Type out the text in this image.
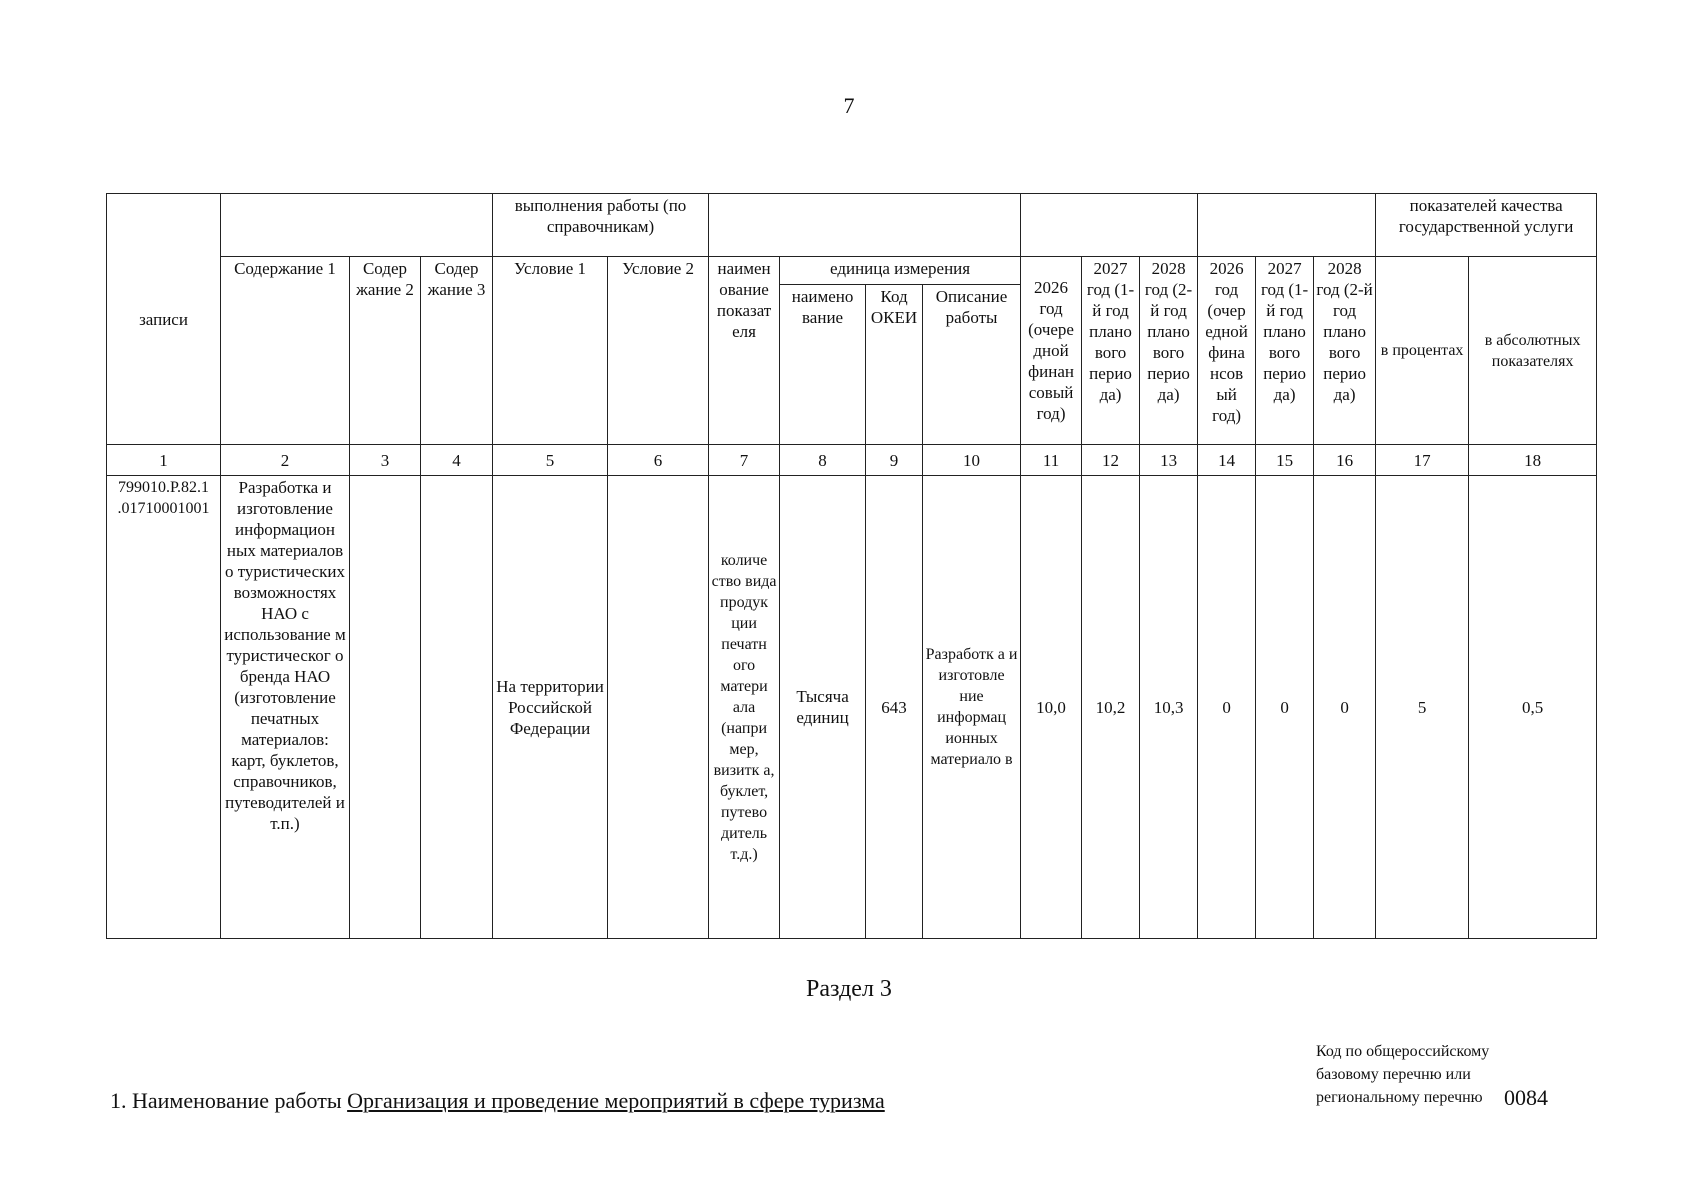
7
записи				выполнения работы (по справочникам)												показателей качества государственной услуги	
	Содержание 1	Содер жание 2	Содер жание 3	Условие 1	Условие 2	наимен ование показат еля	единица измерения			2026 год (очере дной финан совый год)	2027 год (1-й год плано вого перио да)	2028 год (2-й год плано вого перио да)	2026 год (очер едной фина нсов ый год)	2027 год (1-й год плано вого перио да)	2028 год (2-й год плано вого перио да)	в процентах	в абсолютных показателях
							наимено вание	Код ОКЕИ	Описание работы								
1	2	3	4	5	6	7	8	9	10	11	12	13	14	15	16	17	18
799010.Р.82.1 .01710001001	Разработка и изготовление информацион ных материалов о туристических возможностях НАО с использование м туристическог о бренда НАО (изготовление печатных материалов: карт, буклетов, справочников, путеводителей и т.п.)			На территории Российской Федерации		количе ство вида продук ции печатн ого матери ала (напри мер, визитк а, буклет, путево дитель т.д.)	Тысяча единиц	643	Разработк а и изготовле ние информац ионных материало в	10,0	10,2	10,3	0	0	0	5	0,5
Раздел 3
1. Наименование работы Организация и проведение мероприятий в сфере туризма
Код по общероссийскому базовому перечню или региональному перечню 0084
